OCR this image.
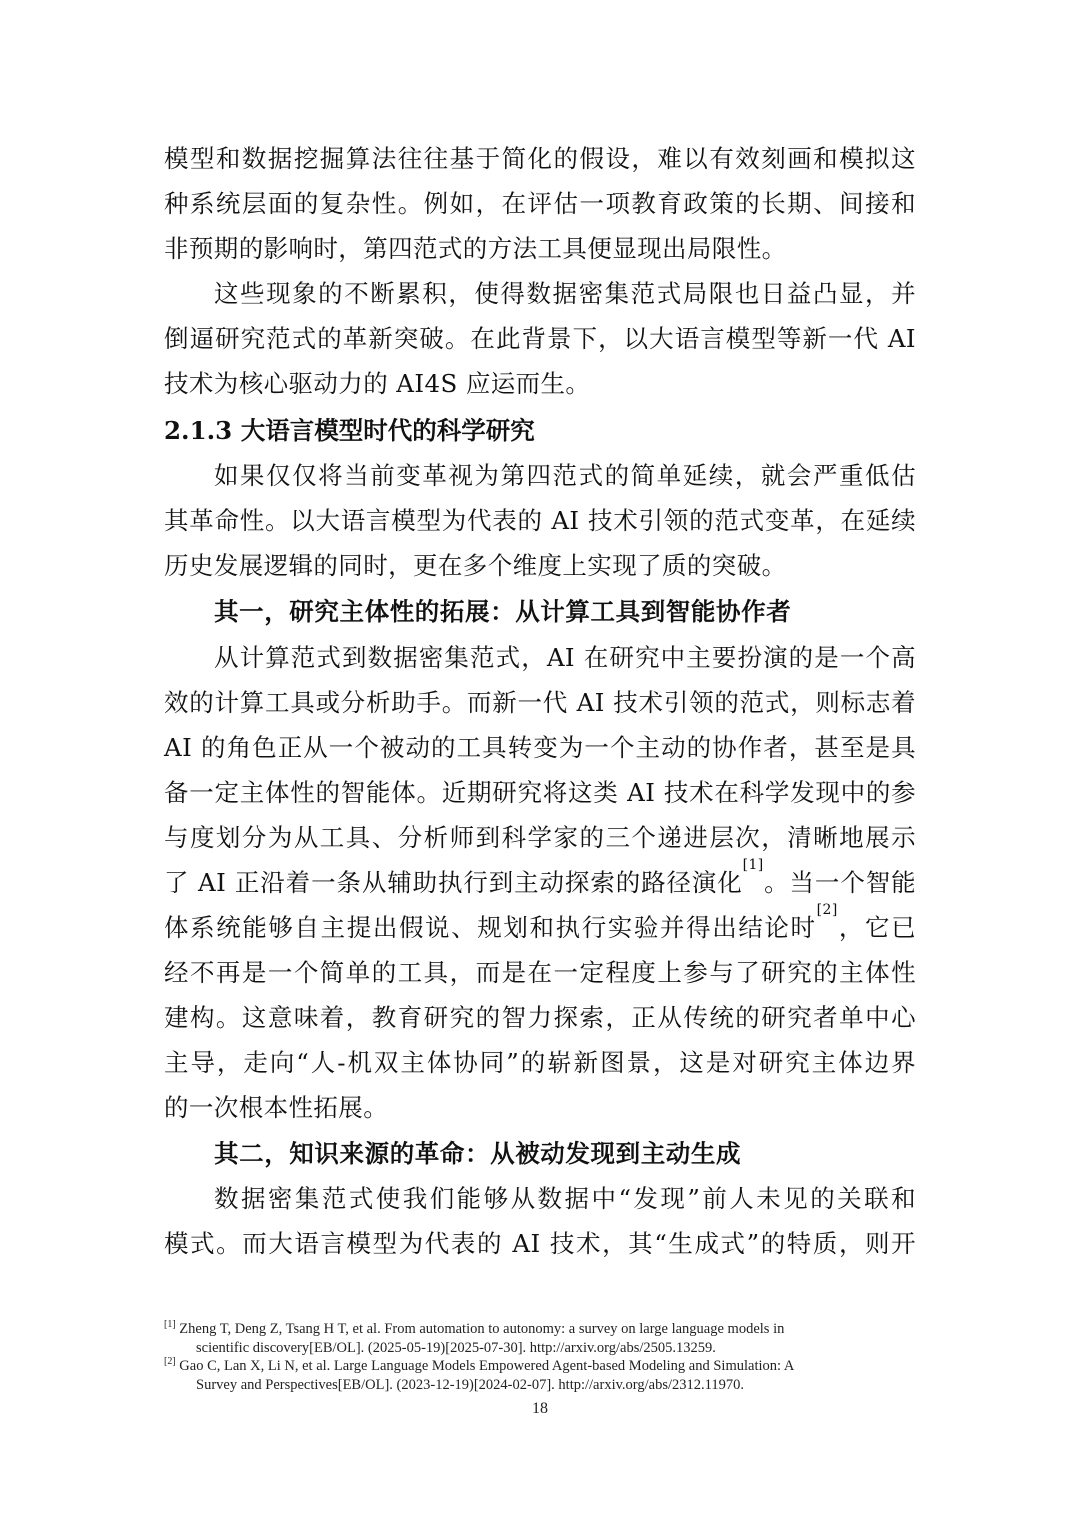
模型和数据挖掘算法往往基于简化的假设，难以有效刻画和模拟这
种系统层面的复杂性。例如，在评估一项教育政策的长期、间接和
非预期的影响时，第四范式的方法工具便显现出局限性。
这些现象的不断累积，使得数据密集范式局限也日益凸显，并
倒逼研究范式的革新突破。在此背景下，以大语言模型等新一代 AI
技术为核心驱动力的 AI4S 应运而生。
2.1.3 大语言模型时代的科学研究
如果仅仅将当前变革视为第四范式的简单延续，就会严重低估
其革命性。以大语言模型为代表的 AI 技术引领的范式变革，在延续
历史发展逻辑的同时，更在多个维度上实现了质的突破。
其一，研究主体性的拓展：从计算工具到智能协作者
从计算范式到数据密集范式，AI 在研究中主要扮演的是一个高
效的计算工具或分析助手。而新一代 AI 技术引领的范式，则标志着
AI 的角色正从一个被动的工具转变为一个主动的协作者，甚至是具
备一定主体性的智能体。近期研究将这类 AI 技术在科学发现中的参
与度划分为从工具、分析师到科学家的三个递进层次，清晰地展示
了 AI 正沿着一条从辅助执行到主动探索的路径演化[1]。当一个智能
体系统能够自主提出假说、规划和执行实验并得出结论时[2]，它已
经不再是一个简单的工具，而是在一定程度上参与了研究的主体性
建构。这意味着，教育研究的智力探索，正从传统的研究者单中心
主导，走向“人-机双主体协同”的崭新图景，这是对研究主体边界
的一次根本性拓展。
其二，知识来源的革命：从被动发现到主动生成
数据密集范式使我们能够从数据中“发现”前人未见的关联和
模式。而大语言模型为代表的 AI 技术，其“生成式”的特质，则开
[1] Zheng T, Deng Z, Tsang H T, et al. From automation to autonomy: a survey on large language models in
scientific discovery[EB/OL]. (2025-05-19)[2025-07-30]. http://arxiv.org/abs/2505.13259.
[2] Gao C, Lan X, Li N, et al. Large Language Models Empowered Agent-based Modeling and Simulation: A
Survey and Perspectives[EB/OL]. (2023-12-19)[2024-02-07]. http://arxiv.org/abs/2312.11970.
18
